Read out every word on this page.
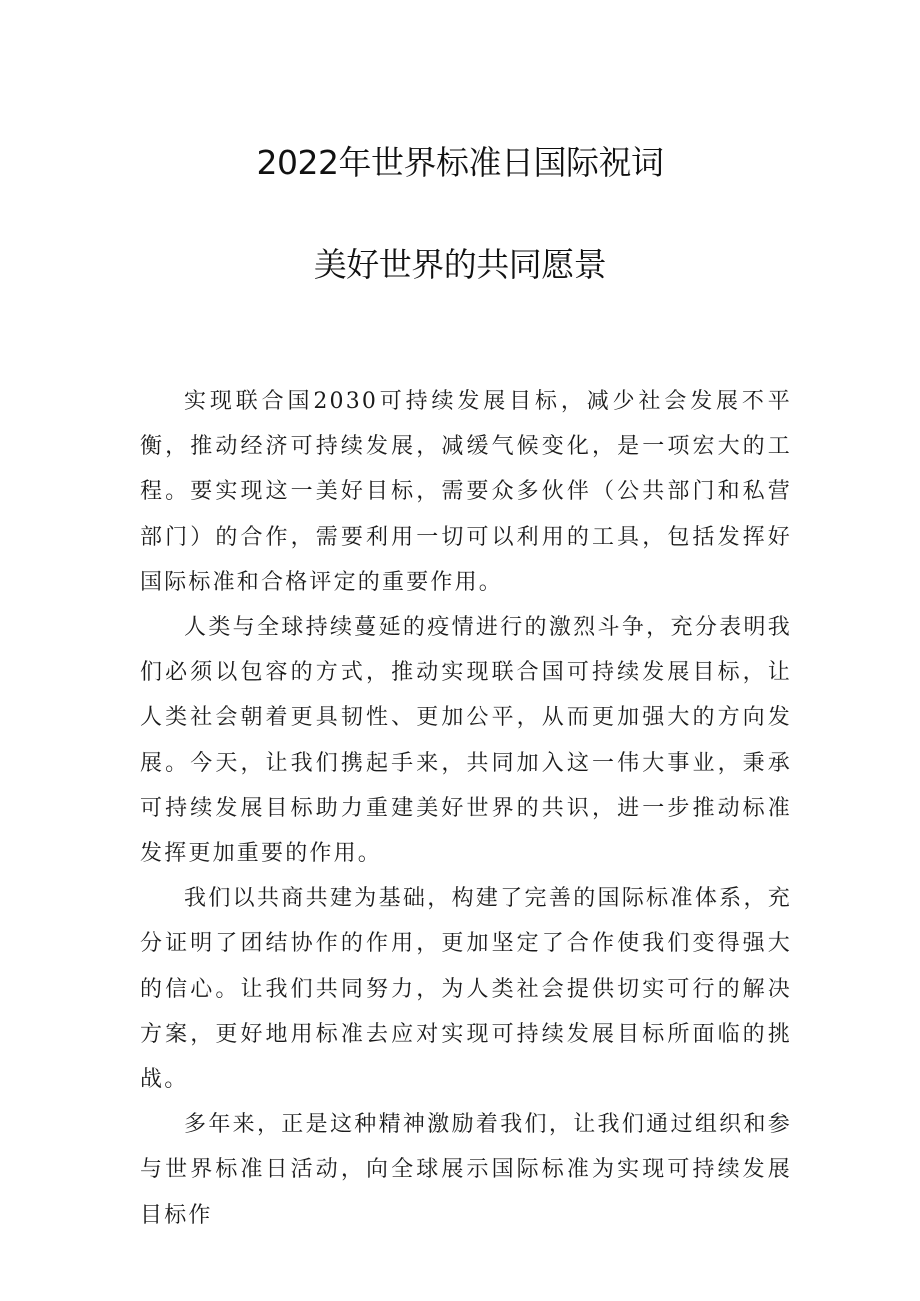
2022年世界标准日国际祝词
美好世界的共同愿景

实现联合国2030可持续发展目标，减少社会发展不平衡，推动经济可持续发展，减缓气候变化，是一项宏大的工程。要实现这一美好目标，需要众多伙伴（公共部门和私营部门）的合作，需要利用一切可以利用的工具，包括发挥好国际标准和合格评定的重要作用。

人类与全球持续蔓延的疫情进行的激烈斗争，充分表明我们必须以包容的方式，推动实现联合国可持续发展目标，让人类社会朝着更具韧性、更加公平，从而更加强大的方向发展。今天，让我们携起手来，共同加入这一伟大事业，秉承可持续发展目标助力重建美好世界的共识，进一步推动标准发挥更加重要的作用。

我们以共商共建为基础，构建了完善的国际标准体系，充分证明了团结协作的作用，更加坚定了合作使我们变得强大的信心。让我们共同努力，为人类社会提供切实可行的解决方案，更好地用标准去应对实现可持续发展目标所面临的挑战。

多年来，正是这种精神激励着我们，让我们通过组织和参与世界标准日活动，向全球展示国际标准为实现可持续发展目标作
